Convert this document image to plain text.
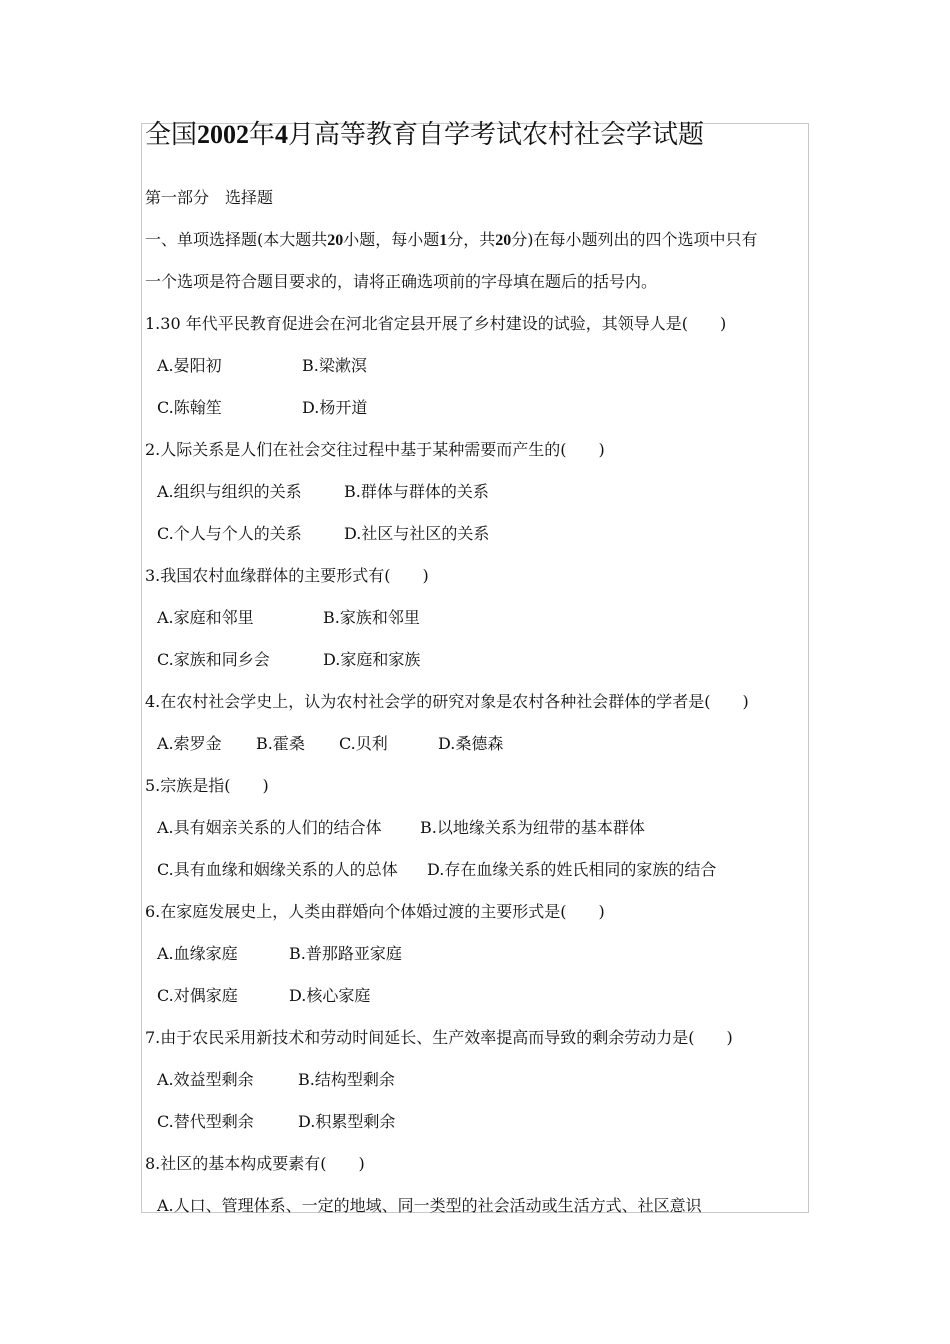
全国2002年4月高等教育自学考试农村社会学试题
第一部分　选择题
一、单项选择题(本大题共20小题，每小题1分，共20分)在每小题列出的四个选项中只有
一个选项是符合题目要求的，请将正确选项前的字母填在题后的括号内。
1.30 年代平民教育促进会在河北省定县开展了乡村建设的试验，其领导人是(　　)
A.晏阳初	B.梁漱溟
C.陈翰笙	D.杨开道
2.人际关系是人们在社会交往过程中基于某种需要而产生的(　　)
A.组织与组织的关系	B.群体与群体的关系
C.个人与个人的关系	D.社区与社区的关系
3.我国农村血缘群体的主要形式有(　　)
A.家庭和邻里	B.家族和邻里
C.家族和同乡会	D.家庭和家族
4.在农村社会学史上，认为农村社会学的研究对象是农村各种社会群体的学者是(　　)
A.索罗金 B.霍桑 C.贝利	D.桑德森
5.宗族是指(　　)
A.具有姻亲关系的人们的结合体 B.以地缘关系为纽带的基本群体
C.具有血缘和姻缘关系的人的总体 D.存在血缘关系的姓氏相同的家族的结合
6.在家庭发展史上，人类由群婚向个体婚过渡的主要形式是(　　)
A.血缘家庭	B.普那路亚家庭
C.对偶家庭	D.核心家庭
7.由于农民采用新技术和劳动时间延长、生产效率提高而导致的剩余劳动力是(　　)
A.效益型剩余	B.结构型剩余
C.替代型剩余	D.积累型剩余
8.社区的基本构成要素有(　　)
A.人口、管理体系、一定的地域、同一类型的社会活动或生活方式、社区意识
